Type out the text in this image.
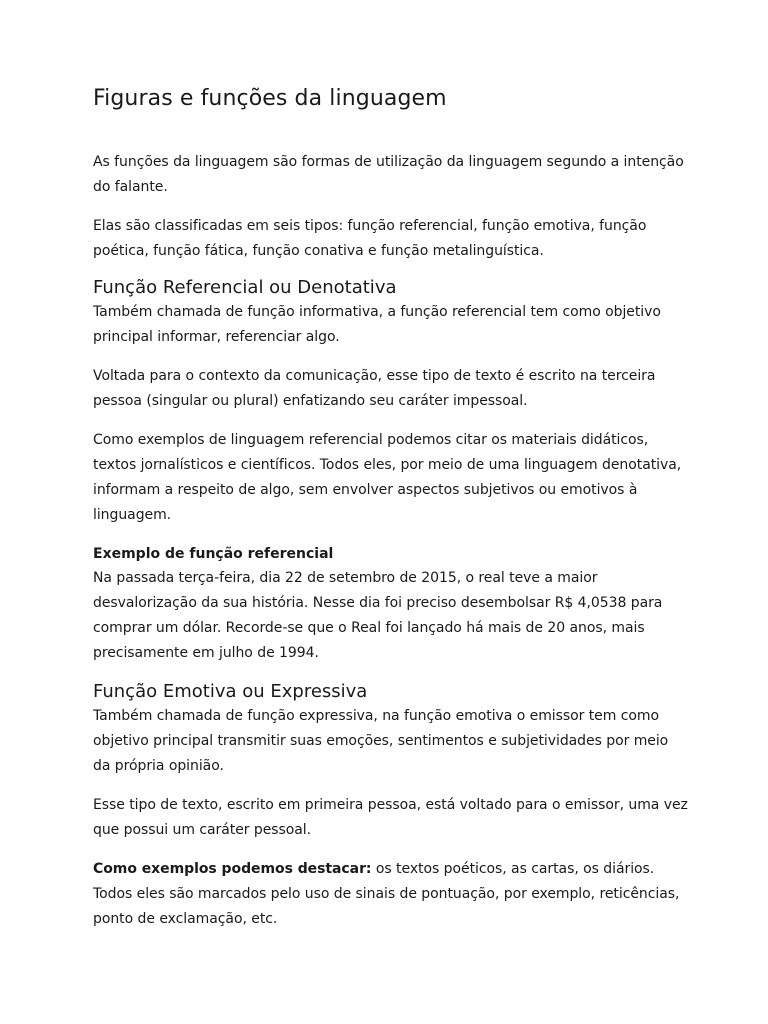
Figuras e funções da linguagem

As funções da linguagem são formas de utilização da linguagem segundo a intenção do falante.

Elas são classificadas em seis tipos: função referencial, função emotiva, função poética, função fática, função conativa e função metalinguística.

Função Referencial ou Denotativa

Também chamada de função informativa, a função referencial tem como objetivo principal informar, referenciar algo.

Voltada para o contexto da comunicação, esse tipo de texto é escrito na terceira pessoa (singular ou plural) enfatizando seu caráter impessoal.

Como exemplos de linguagem referencial podemos citar os materiais didáticos, textos jornalísticos e científicos. Todos eles, por meio de uma linguagem denotativa, informam a respeito de algo, sem envolver aspectos subjetivos ou emotivos à linguagem.

Exemplo de função referencial

Na passada terça-feira, dia 22 de setembro de 2015, o real teve a maior desvalorização da sua história. Nesse dia foi preciso desembolsar R$ 4,0538 para comprar um dólar. Recorde-se que o Real foi lançado há mais de 20 anos, mais precisamente em julho de 1994.

Função Emotiva ou Expressiva

Também chamada de função expressiva, na função emotiva o emissor tem como objetivo principal transmitir suas emoções, sentimentos e subjetividades por meio da própria opinião.

Esse tipo de texto, escrito em primeira pessoa, está voltado para o emissor, uma vez que possui um caráter pessoal.

Como exemplos podemos destacar: os textos poéticos, as cartas, os diários. Todos eles são marcados pelo uso de sinais de pontuação, por exemplo, reticências, ponto de exclamação, etc.
